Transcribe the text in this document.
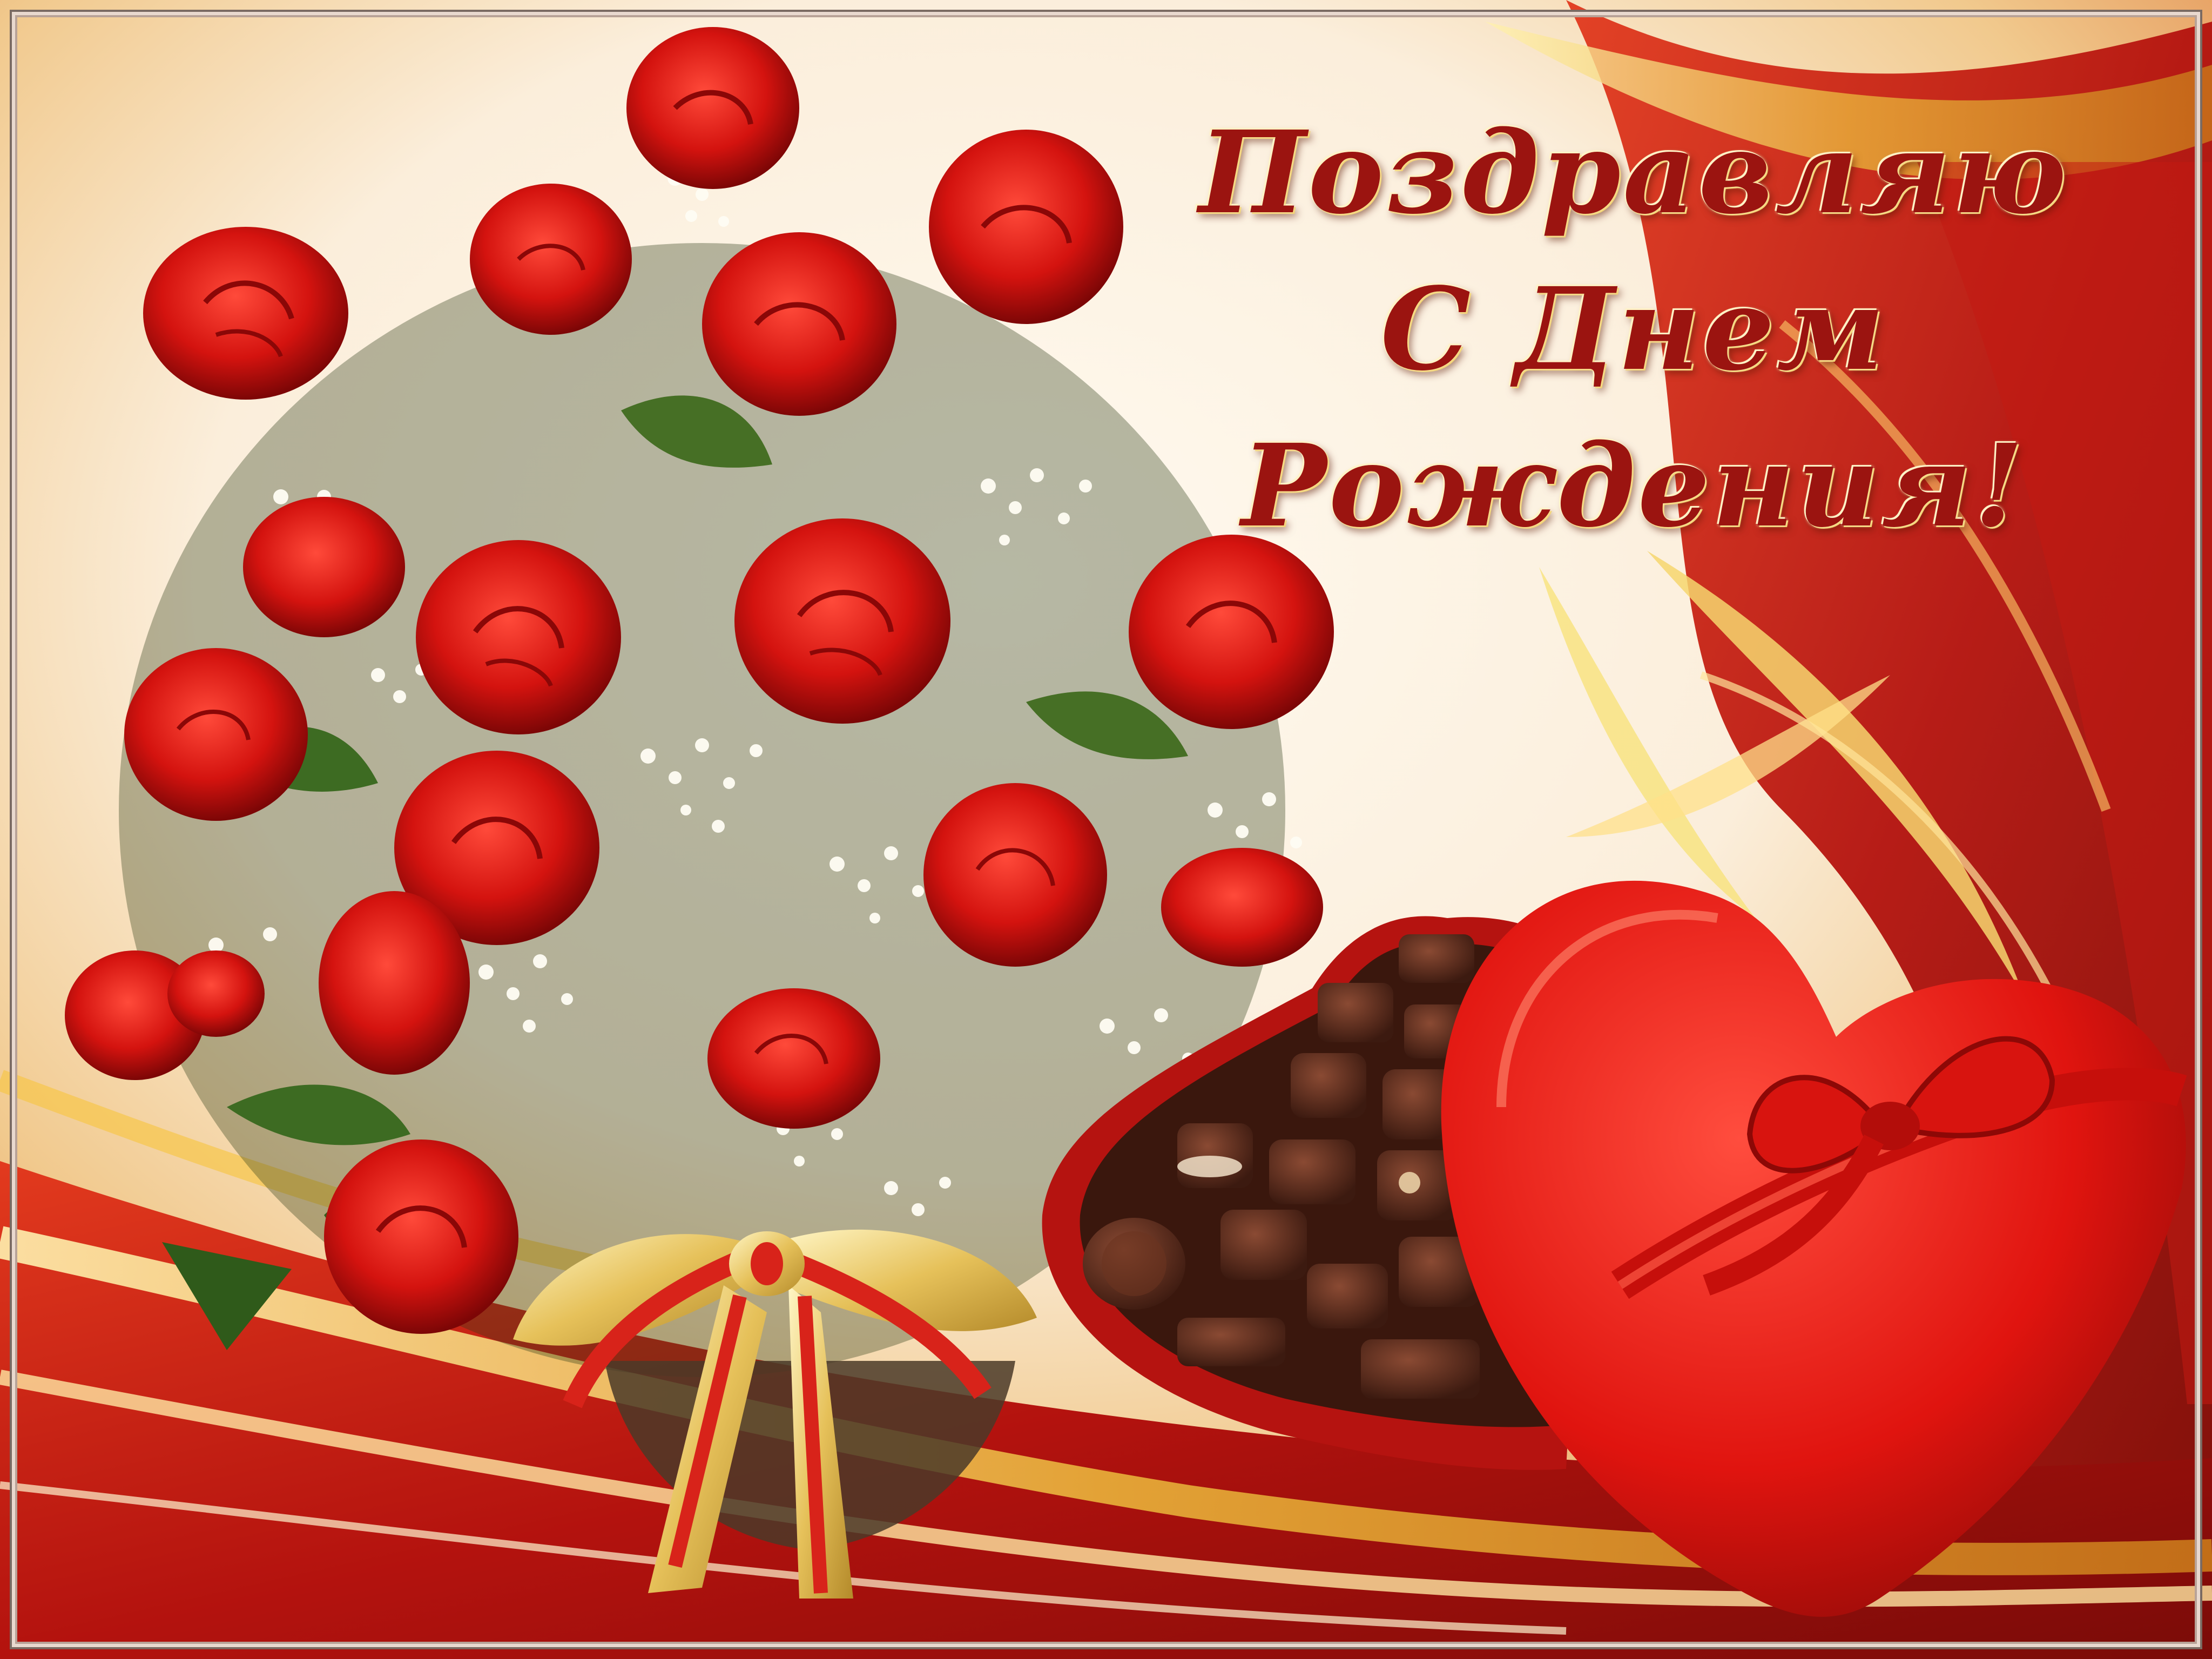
Поздравляю
С Днем
Рождения!
